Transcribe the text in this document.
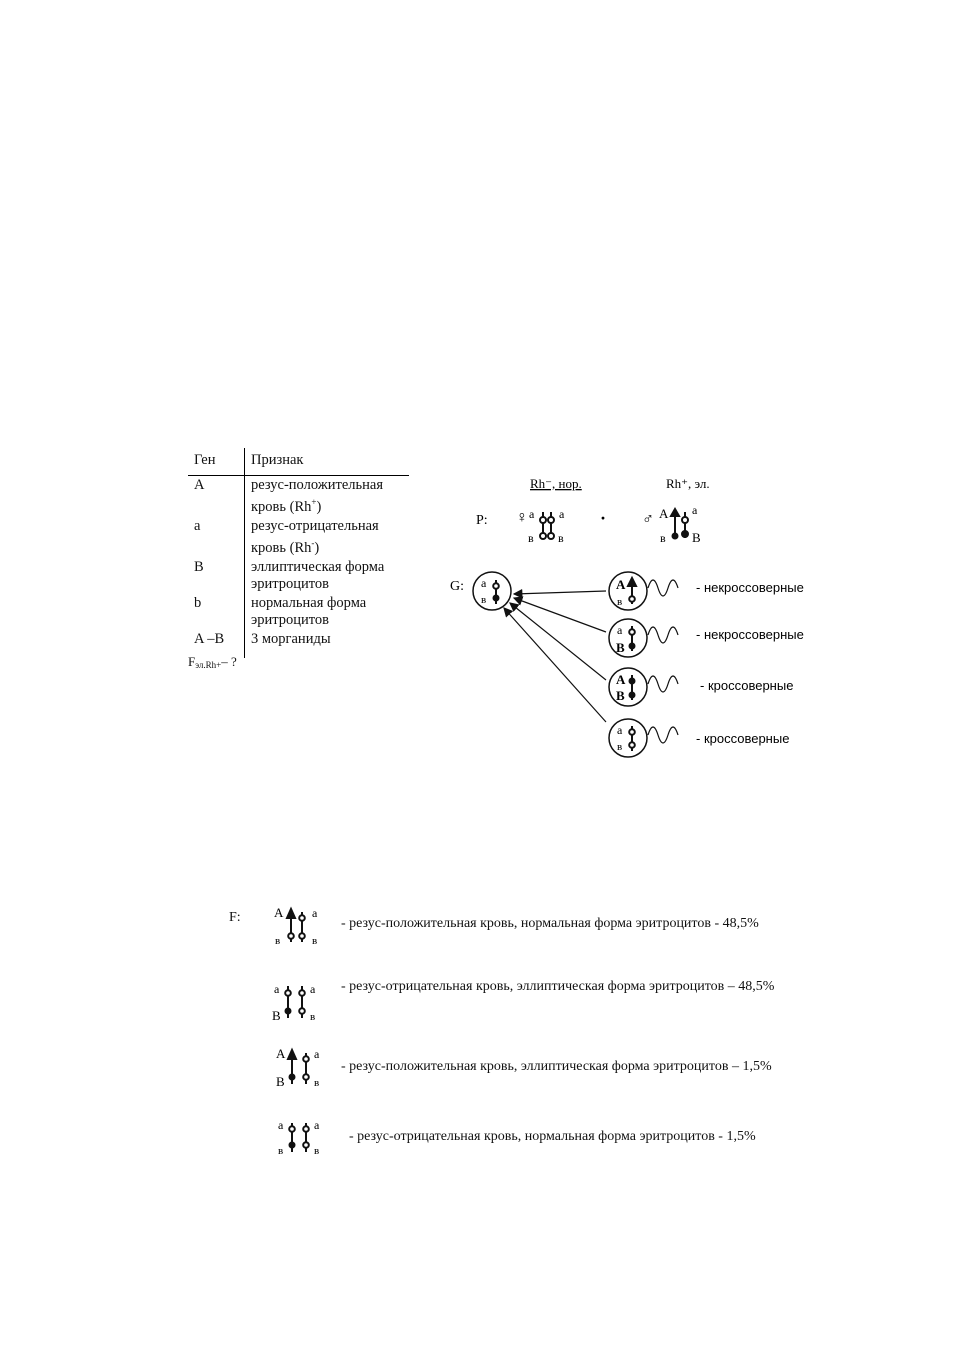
Ген	Признак
A	резус-положительная
кровь (Rh+)
a	резус-отрицательная
кровь (Rh-)
B	эллиптическая форма
эритроцитов
b	нормальная форма
эритроцитов
A –B	3 морганиды
$F_{эл.Rh+}-$ ?
Rh⁻, нор.	Rh⁺, эл.
P: ♀ a
в
a
в
· ♂ A
в
a
B
G: a
в
A
в
- некроссоверные
a
B
- некроссоверные
A
B
- кроссоверные
a
в
- кроссоверные
F:	A
в
a
в
- резус-положительная кровь, нормальная форма эритроцитов - 48,5%
a
B
a
в
- резус-отрицательная кровь, эллиптическая форма эритроцитов – 48,5%
A
B
a
в
- резус-положительная кровь, эллиптическая форма эритроцитов – 1,5%
a
в
a
в
- резус-отрицательная кровь, нормальная форма эритроцитов - 1,5%
